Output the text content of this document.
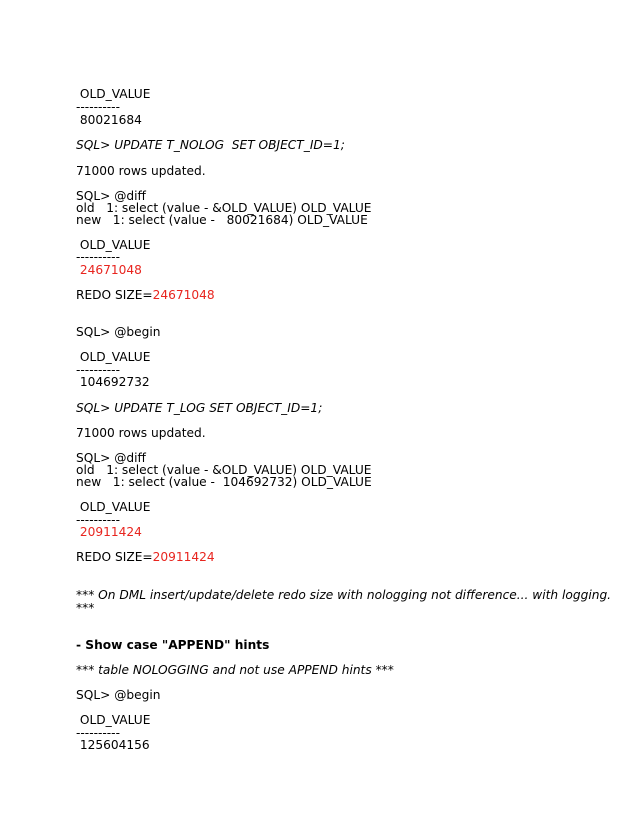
OLD_VALUE
----------
80021684
SQL> UPDATE T_NOLOG  SET OBJECT_ID=1;
71000 rows updated.
SQL> @diff
old   1: select (value - &OLD_VALUE) OLD_VALUE
new   1: select (value -   80021684) OLD_VALUE
OLD_VALUE
----------
24671048
REDO SIZE=24671048
SQL> @begin
OLD_VALUE
----------
104692732
SQL> UPDATE T_LOG SET OBJECT_ID=1;
71000 rows updated.
SQL> @diff
old   1: select (value - &OLD_VALUE) OLD_VALUE
new   1: select (value -  104692732) OLD_VALUE
OLD_VALUE
----------
20911424
REDO SIZE=20911424
*** On DML insert/update/delete redo size with nologging not difference... with logging.
***
- Show case "APPEND" hints
*** table NOLOGGING and not use APPEND hints ***
SQL> @begin
OLD_VALUE
----------
125604156
